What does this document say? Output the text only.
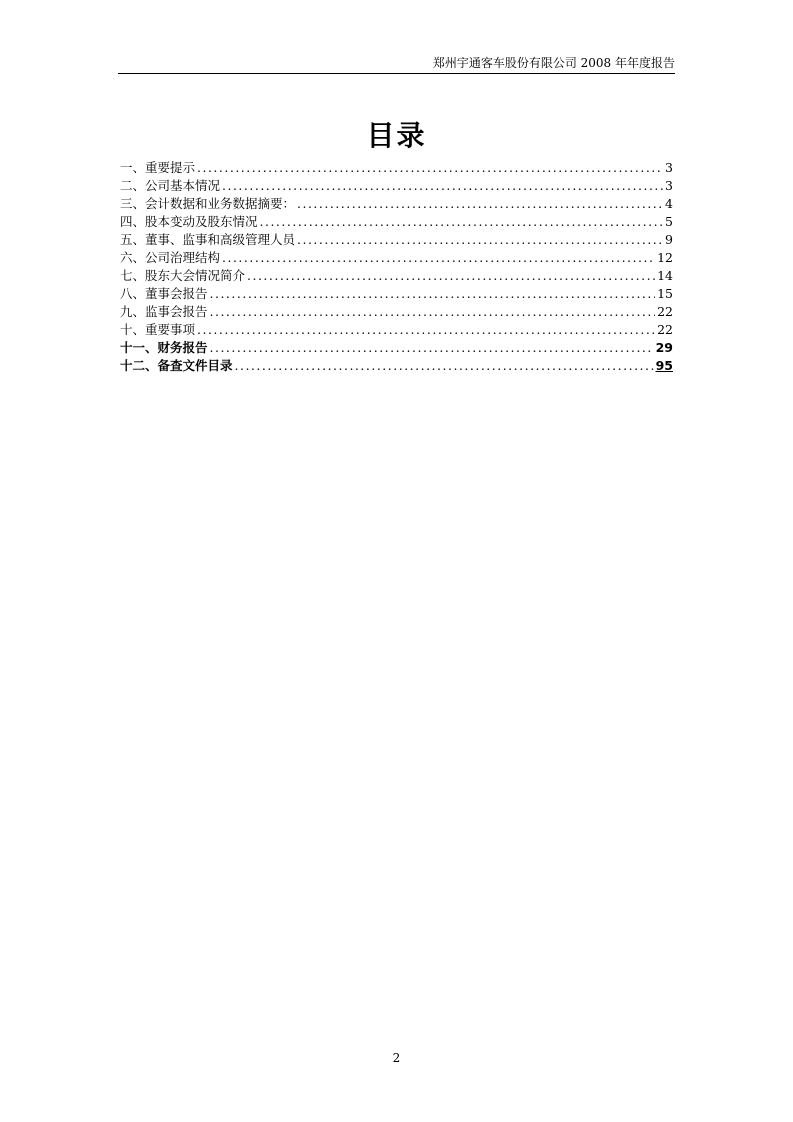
郑州宇通客车股份有限公司 2008 年年度报告
目录
一、重要提示 .....	3
二、公司基本情况 .....	3
三、会计数据和业务数据摘要： .....	4
四、股本变动及股东情况 .....	5
五、董事、监事和高级管理人员 .....	9
六、公司治理结构 .....	12
七、股东大会情况简介 .....	14
八、董事会报告 .....	15
九、监事会报告 .....	22
十、重要事项 .....	22
十一、财务报告 .....	29
十二、备查文件目录 .....	95
2
